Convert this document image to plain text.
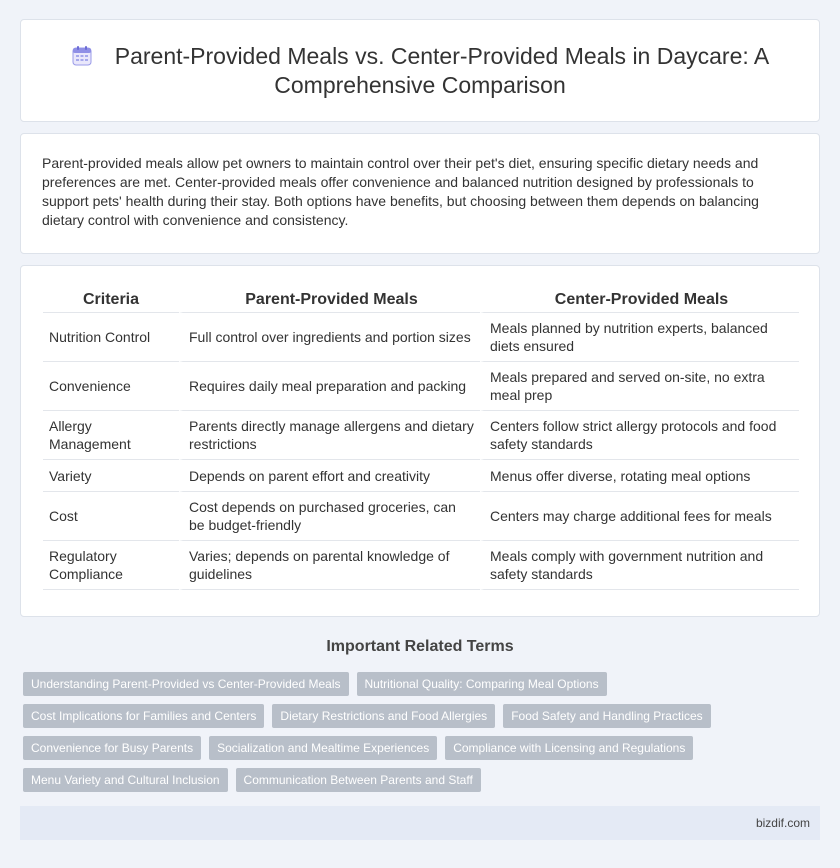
Parent-Provided Meals vs. Center-Provided Meals in Daycare: A Comprehensive Comparison

Parent-provided meals allow pet owners to maintain control over their pet's diet, ensuring specific dietary needs and preferences are met. Center-provided meals offer convenience and balanced nutrition designed by professionals to support pets' health during their stay. Both options have benefits, but choosing between them depends on balancing dietary control with convenience and consistency.

Criteria	Parent-Provided Meals	Center-Provided Meals
Nutrition Control	Full control over ingredients and portion sizes	Meals planned by nutrition experts, balanced diets ensured
Convenience	Requires daily meal preparation and packing	Meals prepared and served on-site, no extra meal prep
Allergy Management	Parents directly manage allergens and dietary restrictions	Centers follow strict allergy protocols and food safety standards
Variety	Depends on parent effort and creativity	Menus offer diverse, rotating meal options
Cost	Cost depends on purchased groceries, can be budget-friendly	Centers may charge additional fees for meals
Regulatory Compliance	Varies; depends on parental knowledge of guidelines	Meals comply with government nutrition and safety standards
Important Related Terms
Understanding Parent-Provided vs Center-Provided Meals	Nutritional Quality: Comparing Meal Options
Cost Implications for Families and Centers	Dietary Restrictions and Food Allergies	Food Safety and Handling Practices
Convenience for Busy Parents	Socialization and Mealtime Experiences	Compliance with Licensing and Regulations
Menu Variety and Cultural Inclusion	Communication Between Parents and Staff
bizdif.com
